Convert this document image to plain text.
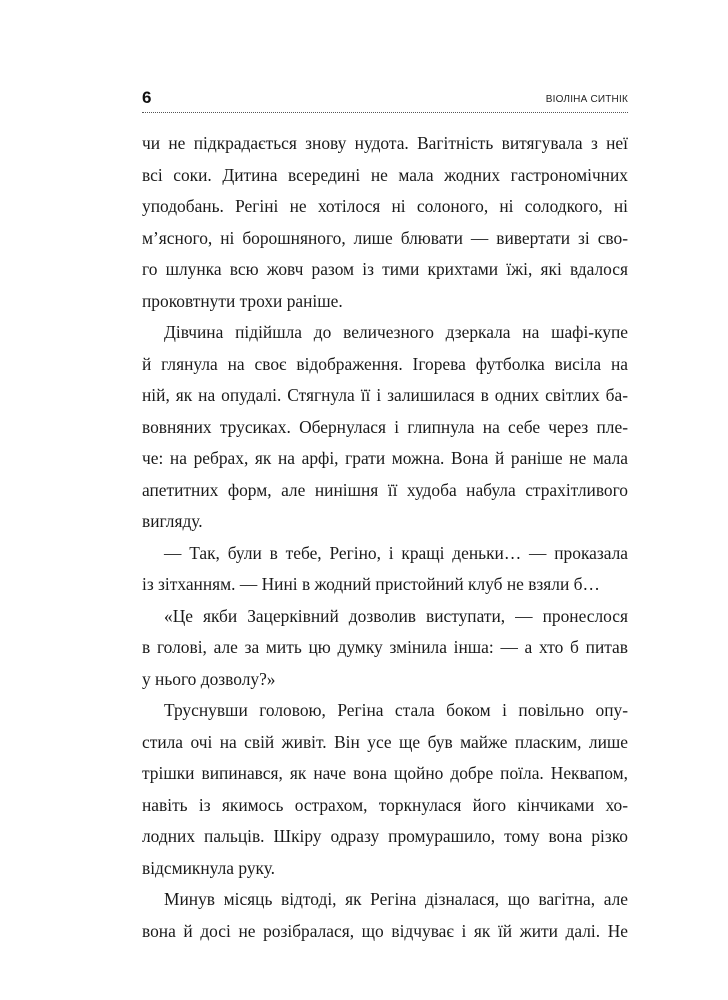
6	ВІОЛІНА СИТНІК
чи не підкрадається знову нудота. Вагітність витягувала з неї
всі соки. Дитина всередині не мала жодних гастрономічних
уподобань. Регіні не хотілося ні солоного, ні солодкого, ні
м’ясного, ні борошняного, лише блювати — вивертати зі сво-
го шлунка всю жовч разом із тими крихтами їжі, які вдалося
проковтнути трохи раніше.
Дівчина підійшла до величезного дзеркала на шафі-купе
й глянула на своє відображення. Ігорева футболка висіла на
ній, як на опудалі. Стягнула її і залишилася в одних світлих ба-
вовняних трусиках. Обернулася і глипнула на себе через пле-
че: на ребрах, як на арфі, грати можна. Вона й раніше не мала
апетитних форм, але нинішня її худоба набула страхітливого
вигляду.
— Так, були в тебе, Регіно, і кращі деньки… — проказала
із зітханням. — Нині в жодний пристойний клуб не взяли б…
«Це якби Зацерківний дозволив виступати, — пронеслося
в голові, але за мить цю думку змінила інша: — а хто б питав
у нього дозволу?»
Труснувши головою, Регіна стала боком і повільно опу-
стила очі на свій живіт. Він усе ще був майже пласким, лише
трішки випинався, як наче вона щойно добре поїла. Неквапом,
навіть із якимось острахом, торкнулася його кінчиками хо-
лодних пальців. Шкіру одразу промурашило, тому вона різко
відсмикнула руку.
Минув місяць відтоді, як Регіна дізналася, що вагітна, але
вона й досі не розібралася, що відчуває і як їй жити далі. Не
